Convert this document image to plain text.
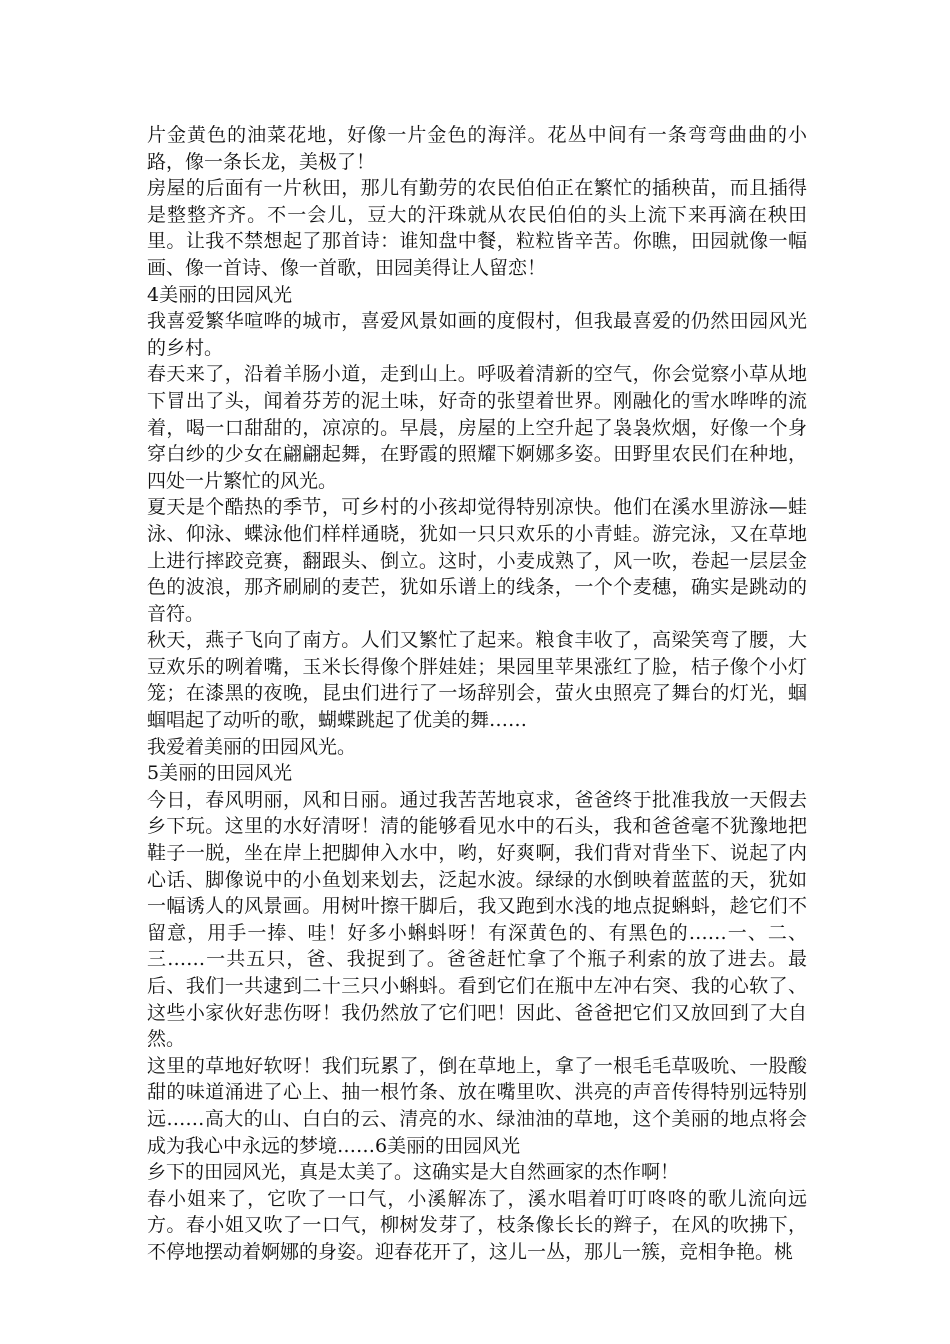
片金黄色的油菜花地，好像一片金色的海洋。花丛中间有一条弯弯曲曲的小路，像一条长龙，美极了！

房屋的后面有一片秋田，那儿有勤劳的农民伯伯正在繁忙的插秧苗，而且插得是整整齐齐。不一会儿，豆大的汗珠就从农民伯伯的头上流下来再滴在秧田里。让我不禁想起了那首诗：谁知盘中餐，粒粒皆辛苦。你瞧，田园就像一幅画、像一首诗、像一首歌，田园美得让人留恋！

4美丽的田园风光

我喜爱繁华喧哗的城市，喜爱风景如画的度假村，但我最喜爱的仍然田园风光的乡村。

春天来了，沿着羊肠小道，走到山上。呼吸着清新的空气，你会觉察小草从地下冒出了头，闻着芬芳的泥土味，好奇的张望着世界。刚融化的雪水哗哗的流着，喝一口甜甜的，凉凉的。早晨，房屋的上空升起了袅袅炊烟，好像一个身穿白纱的少女在翩翩起舞，在野霞的照耀下婀娜多姿。田野里农民们在种地，四处一片繁忙的风光。

夏天是个酷热的季节，可乡村的小孩却觉得特别凉快。他们在溪水里游泳—蛙泳、仰泳、蝶泳他们样样通晓，犹如一只只欢乐的小青蛙。游完泳，又在草地上进行摔跤竞赛，翻跟头、倒立。这时，小麦成熟了，风一吹，卷起一层层金色的波浪，那齐刷刷的麦芒，犹如乐谱上的线条，一个个麦穗，确实是跳动的音符。

秋天，燕子飞向了南方。人们又繁忙了起来。粮食丰收了，高梁笑弯了腰，大豆欢乐的咧着嘴，玉米长得像个胖娃娃；果园里苹果涨红了脸，桔子像个小灯笼；在漆黑的夜晚，昆虫们进行了一场辞别会，萤火虫照亮了舞台的灯光，蝈蝈唱起了动听的歌，蝴蝶跳起了优美的舞……

我爱着美丽的田园风光。

5美丽的田园风光

今日，春风明丽，风和日丽。通过我苦苦地哀求，爸爸终于批准我放一天假去乡下玩。这里的水好清呀！清的能够看见水中的石头，我和爸爸毫不犹豫地把鞋子一脱，坐在岸上把脚伸入水中，哟，好爽啊，我们背对背坐下、说起了内心话、脚像说中的小鱼划来划去，泛起水波。绿绿的水倒映着蓝蓝的天，犹如一幅诱人的风景画。用树叶擦干脚后，我又跑到水浅的地点捉蝌蚪，趁它们不留意，用手一捧、哇！好多小蝌蚪呀！有深黄色的、有黑色的……一、二、三……一共五只，爸、我捉到了。爸爸赶忙拿了个瓶子利索的放了进去。最后、我们一共逮到二十三只小蝌蚪。看到它们在瓶中左冲右突、我的心软了、这些小家伙好悲伤呀！我仍然放了它们吧！因此、爸爸把它们又放回到了大自然。

这里的草地好软呀！我们玩累了，倒在草地上，拿了一根毛毛草吸吮、一股酸甜的味道涌进了心上、抽一根竹条、放在嘴里吹、洪亮的声音传得特别远特别远……高大的山、白白的云、清亮的水、绿油油的草地，这个美丽的地点将会成为我心中永远的梦境……6美丽的田园风光

乡下的田园风光，真是太美了。这确实是大自然画家的杰作啊！

春小姐来了，它吹了一口气，小溪解冻了，溪水唱着叮叮咚咚的歌儿流向远方。春小姐又吹了一口气，柳树发芽了，枝条像长长的辫子，在风的吹拂下，不停地摆动着婀娜的身姿。迎春花开了，这儿一丛，那儿一簇，竞相争艳。桃
